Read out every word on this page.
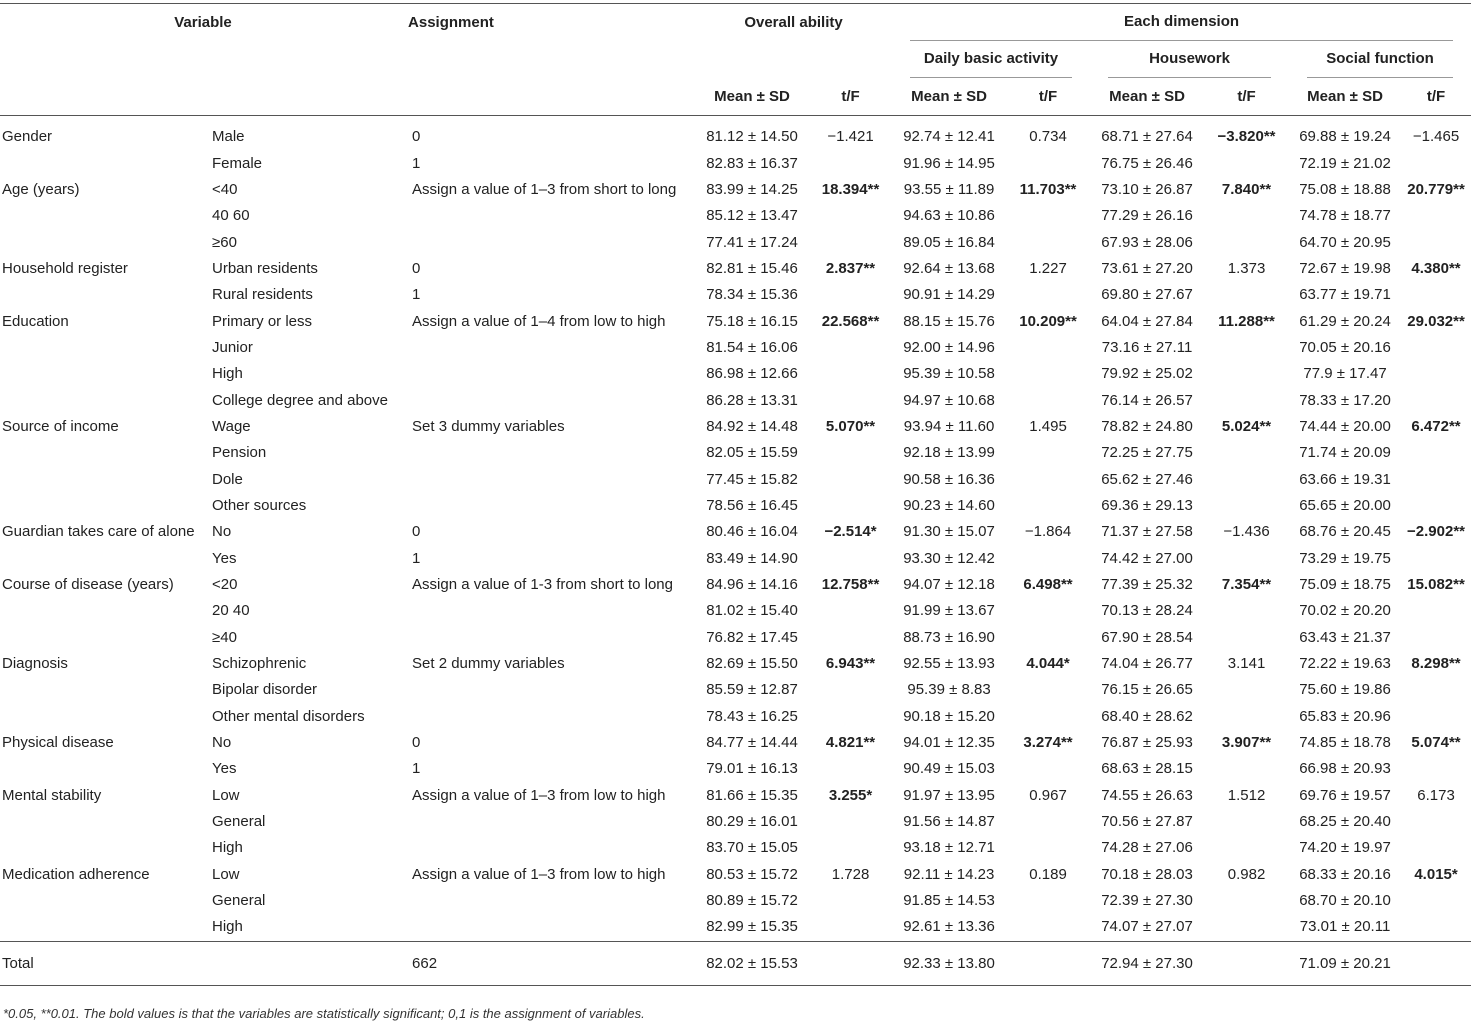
Variable		Assignment	Overall ability		Each dimension					

					Daily basic activity		Housework		Social function	

			Mean ± SD	t/F	Mean ± SD	t/F	Mean ± SD	t/F	Mean ± SD	t/F
Gender	Male	0	81.12 ± 14.50	−1.421	92.74 ± 12.41	0.734	68.71 ± 27.64	−3.820**	69.88 ± 19.24	−1.465
	Female	1	82.83 ± 16.37		91.96 ± 14.95		76.75 ± 26.46		72.19 ± 21.02	
Age (years)	<40	Assign a value of 1–3 from short to long	83.99 ± 14.25	18.394**	93.55 ± 11.89	11.703**	73.10 ± 26.87	7.840**	75.08 ± 18.88	20.779**
	40 60		85.12 ± 13.47		94.63 ± 10.86		77.29 ± 26.16		74.78 ± 18.77	
	≥60		77.41 ± 17.24		89.05 ± 16.84		67.93 ± 28.06		64.70 ± 20.95	
Household register	Urban residents	0	82.81 ± 15.46	2.837**	92.64 ± 13.68	1.227	73.61 ± 27.20	1.373	72.67 ± 19.98	4.380**
	Rural residents	1	78.34 ± 15.36		90.91 ± 14.29		69.80 ± 27.67		63.77 ± 19.71	
Education	Primary or less	Assign a value of 1–4 from low to high	75.18 ± 16.15	22.568**	88.15 ± 15.76	10.209**	64.04 ± 27.84	11.288**	61.29 ± 20.24	29.032**
	Junior		81.54 ± 16.06		92.00 ± 14.96		73.16 ± 27.11		70.05 ± 20.16	
	High		86.98 ± 12.66		95.39 ± 10.58		79.92 ± 25.02		77.9 ± 17.47	
	College degree and above		86.28 ± 13.31		94.97 ± 10.68		76.14 ± 26.57		78.33 ± 17.20	
Source of income	Wage	Set 3 dummy variables	84.92 ± 14.48	5.070**	93.94 ± 11.60	1.495	78.82 ± 24.80	5.024**	74.44 ± 20.00	6.472**
	Pension		82.05 ± 15.59		92.18 ± 13.99		72.25 ± 27.75		71.74 ± 20.09	
	Dole		77.45 ± 15.82		90.58 ± 16.36		65.62 ± 27.46		63.66 ± 19.31	
	Other sources		78.56 ± 16.45		90.23 ± 14.60		69.36 ± 29.13		65.65 ± 20.00	
Guardian takes care of alone	No	0	80.46 ± 16.04	−2.514*	91.30 ± 15.07	−1.864	71.37 ± 27.58	−1.436	68.76 ± 20.45	−2.902**
	Yes	1	83.49 ± 14.90		93.30 ± 12.42		74.42 ± 27.00		73.29 ± 19.75	
Course of disease (years)	<20	Assign a value of 1-3 from short to long	84.96 ± 14.16	12.758**	94.07 ± 12.18	6.498**	77.39 ± 25.32	7.354**	75.09 ± 18.75	15.082**
	20 40		81.02 ± 15.40		91.99 ± 13.67		70.13 ± 28.24		70.02 ± 20.20	
	≥40		76.82 ± 17.45		88.73 ± 16.90		67.90 ± 28.54		63.43 ± 21.37	
Diagnosis	Schizophrenic	Set 2 dummy variables	82.69 ± 15.50	6.943**	92.55 ± 13.93	4.044*	74.04 ± 26.77	3.141	72.22 ± 19.63	8.298**
	Bipolar disorder		85.59 ± 12.87		95.39 ± 8.83		76.15 ± 26.65		75.60 ± 19.86	
	Other mental disorders		78.43 ± 16.25		90.18 ± 15.20		68.40 ± 28.62		65.83 ± 20.96	
Physical disease	No	0	84.77 ± 14.44	4.821**	94.01 ± 12.35	3.274**	76.87 ± 25.93	3.907**	74.85 ± 18.78	5.074**
	Yes	1	79.01 ± 16.13		90.49 ± 15.03		68.63 ± 28.15		66.98 ± 20.93	
Mental stability	Low	Assign a value of 1–3 from low to high	81.66 ± 15.35	3.255*	91.97 ± 13.95	0.967	74.55 ± 26.63	1.512	69.76 ± 19.57	6.173
	General		80.29 ± 16.01		91.56 ± 14.87		70.56 ± 27.87		68.25 ± 20.40	
	High		83.70 ± 15.05		93.18 ± 12.71		74.28 ± 27.06		74.20 ± 19.97	
Medication adherence	Low	Assign a value of 1–3 from low to high	80.53 ± 15.72	1.728	92.11 ± 14.23	0.189	70.18 ± 28.03	0.982	68.33 ± 20.16	4.015*
	General		80.89 ± 15.72		91.85 ± 14.53		72.39 ± 27.30		68.70 ± 20.10	
	High		82.99 ± 15.35		92.61 ± 13.36		74.07 ± 27.07		73.01 ± 20.11	
Total		662	82.02 ± 15.53		92.33 ± 13.80		72.94 ± 27.30		71.09 ± 20.21	
*0.05, **0.01. The bold values is that the variables are statistically significant; 0,1 is the assignment of variables.
